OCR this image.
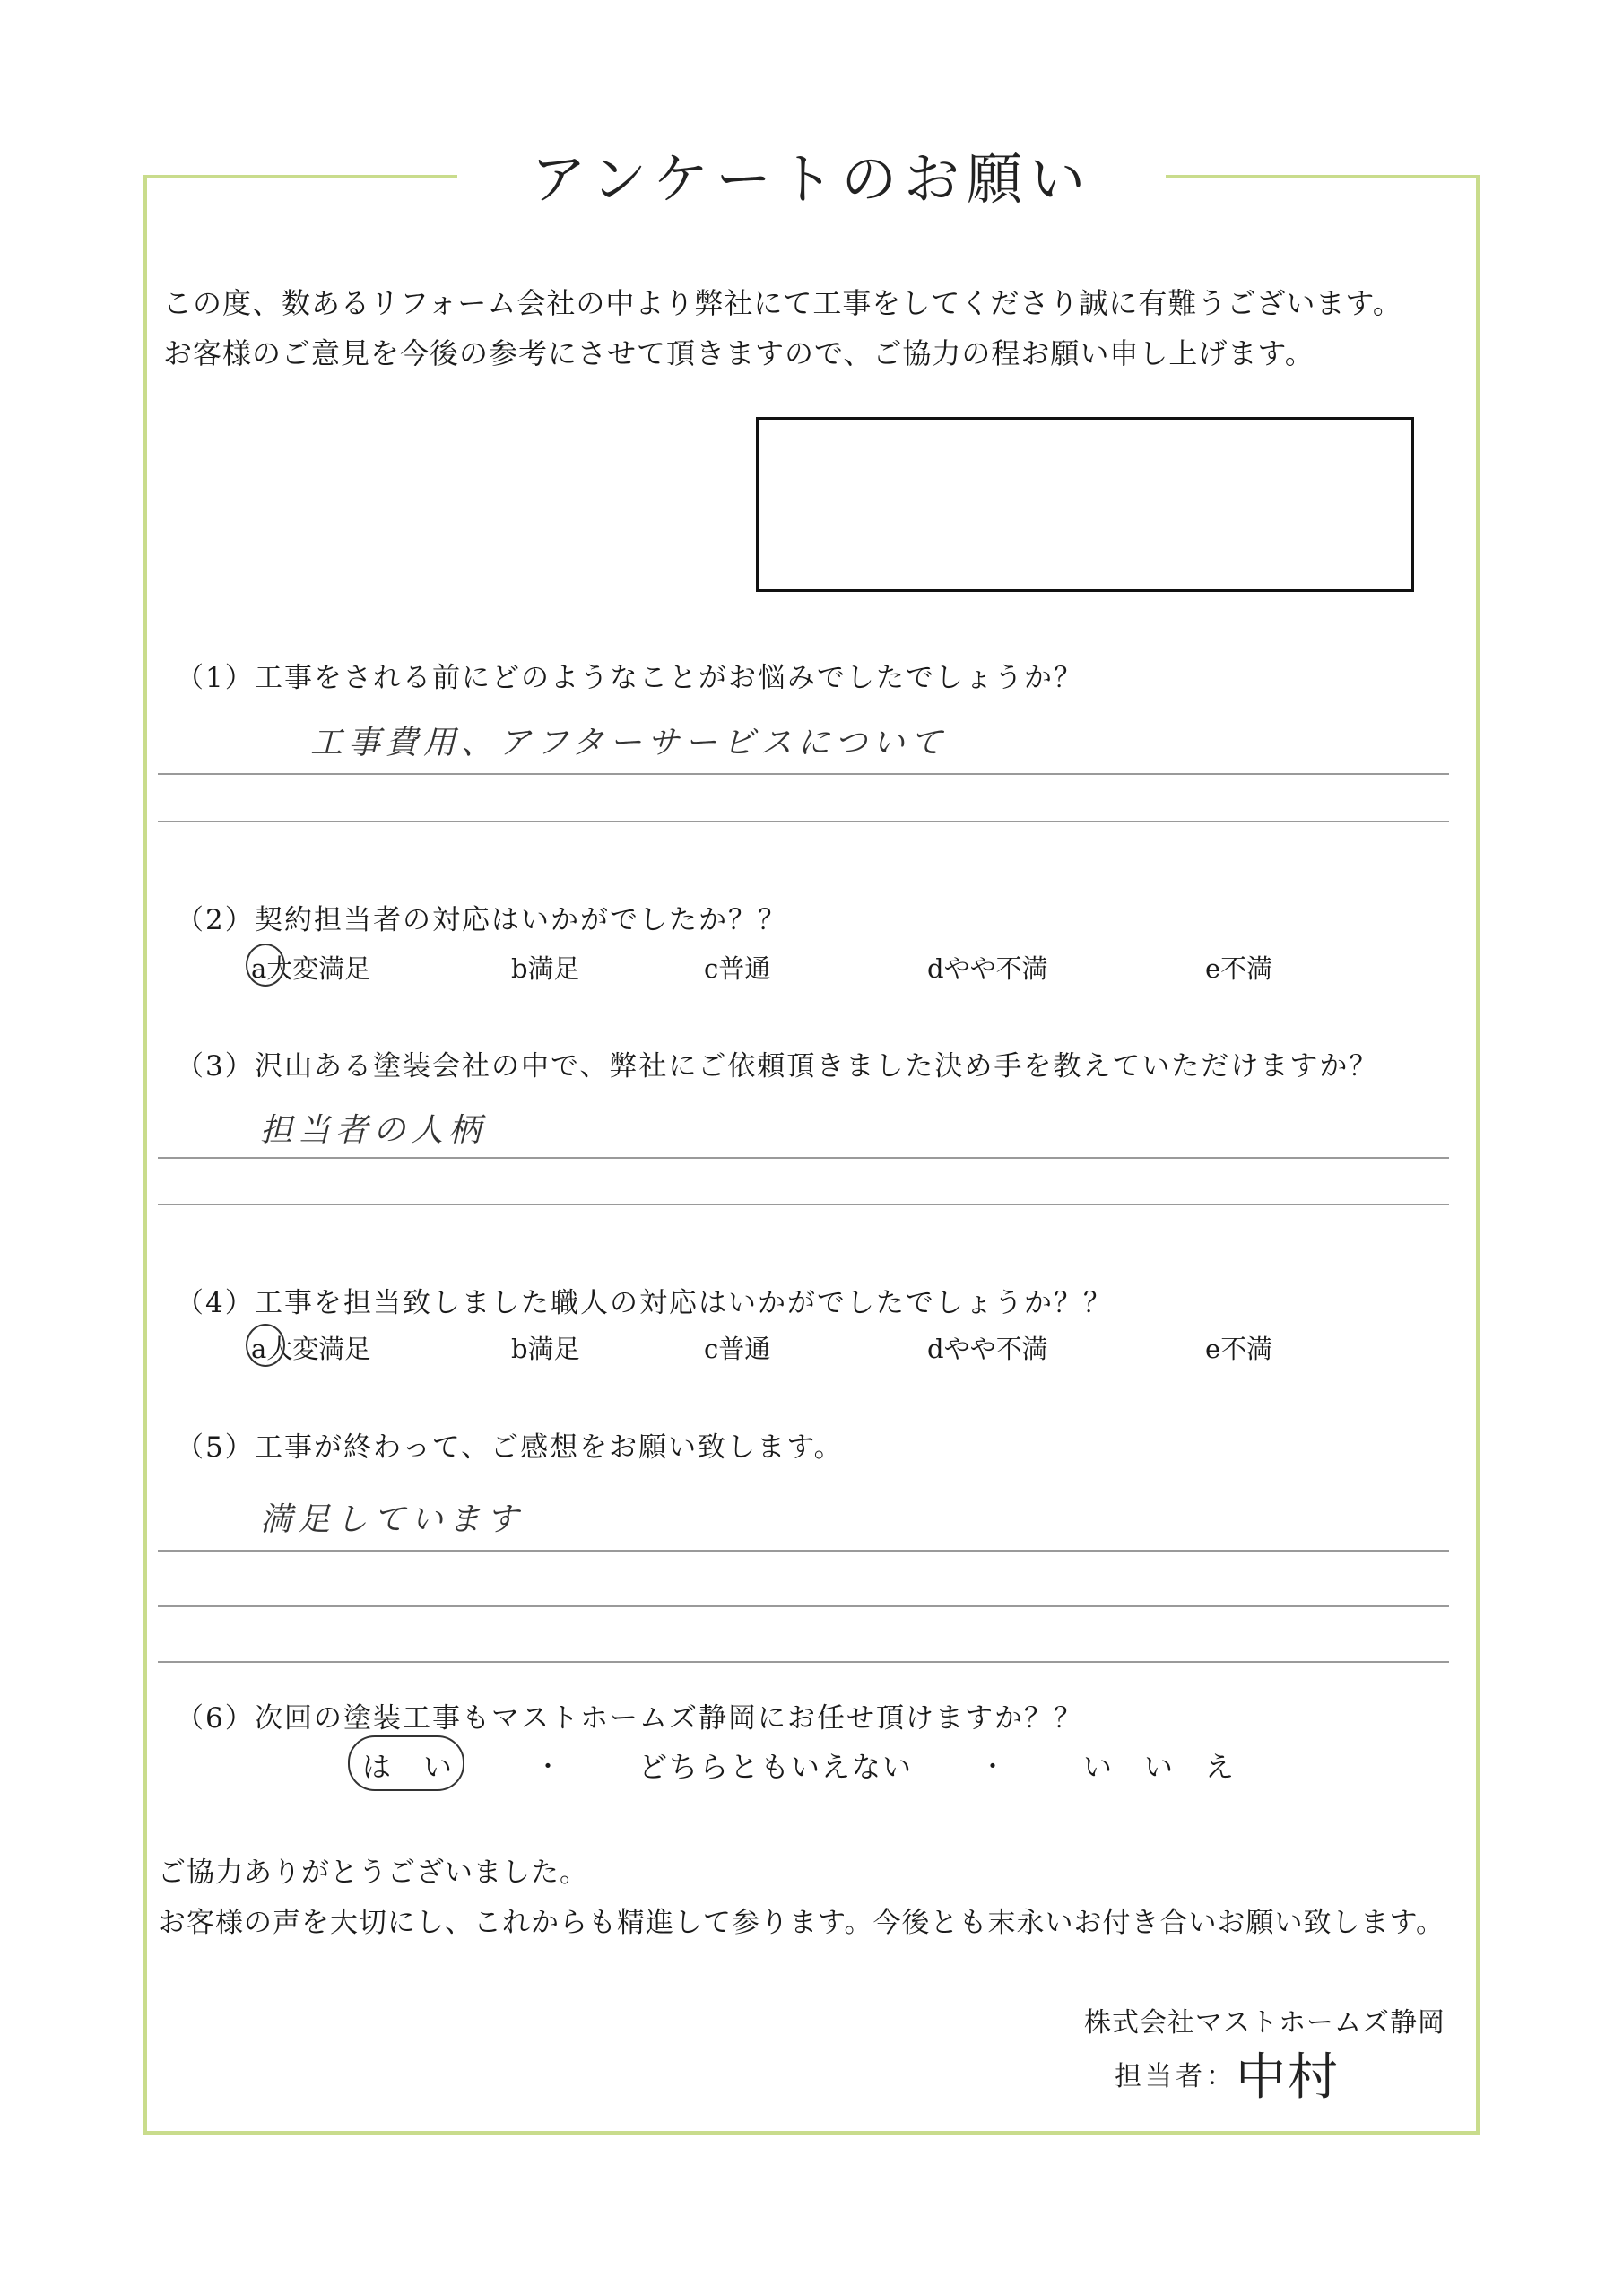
アンケートのお願い
この度、数あるリフォーム会社の中より弊社にて工事をしてくださり誠に有難うございます。
お客様のご意見を今後の参考にさせて頂きますので、ご協力の程お願い申し上げます。
（1）工事をされる前にどのようなことがお悩みでしたでしょうか？
工事費用、アフターサービスについて
（2）契約担当者の対応はいかがでしたか？？
a大変満足	b満足	c普通	dやや不満	e不満
（3）沢山ある塗装会社の中で、弊社にご依頼頂きました決め手を教えていただけますか？
担当者の人柄
（4）工事を担当致しました職人の対応はいかがでしたでしょうか？？
a大変満足	b満足	c普通	dやや不満	e不満
（5）工事が終わって、ご感想をお願い致します。
満足しています
（6）次回の塗装工事もマストホームズ静岡にお任せ頂けますか？？
は　い	・	どちらともいえない	・	い　い　え
ご協力ありがとうございました。
お客様の声を大切にし、これからも精進して参ります。今後とも末永いお付き合いお願い致します。
株式会社マストホームズ静岡
担当者： 中村
